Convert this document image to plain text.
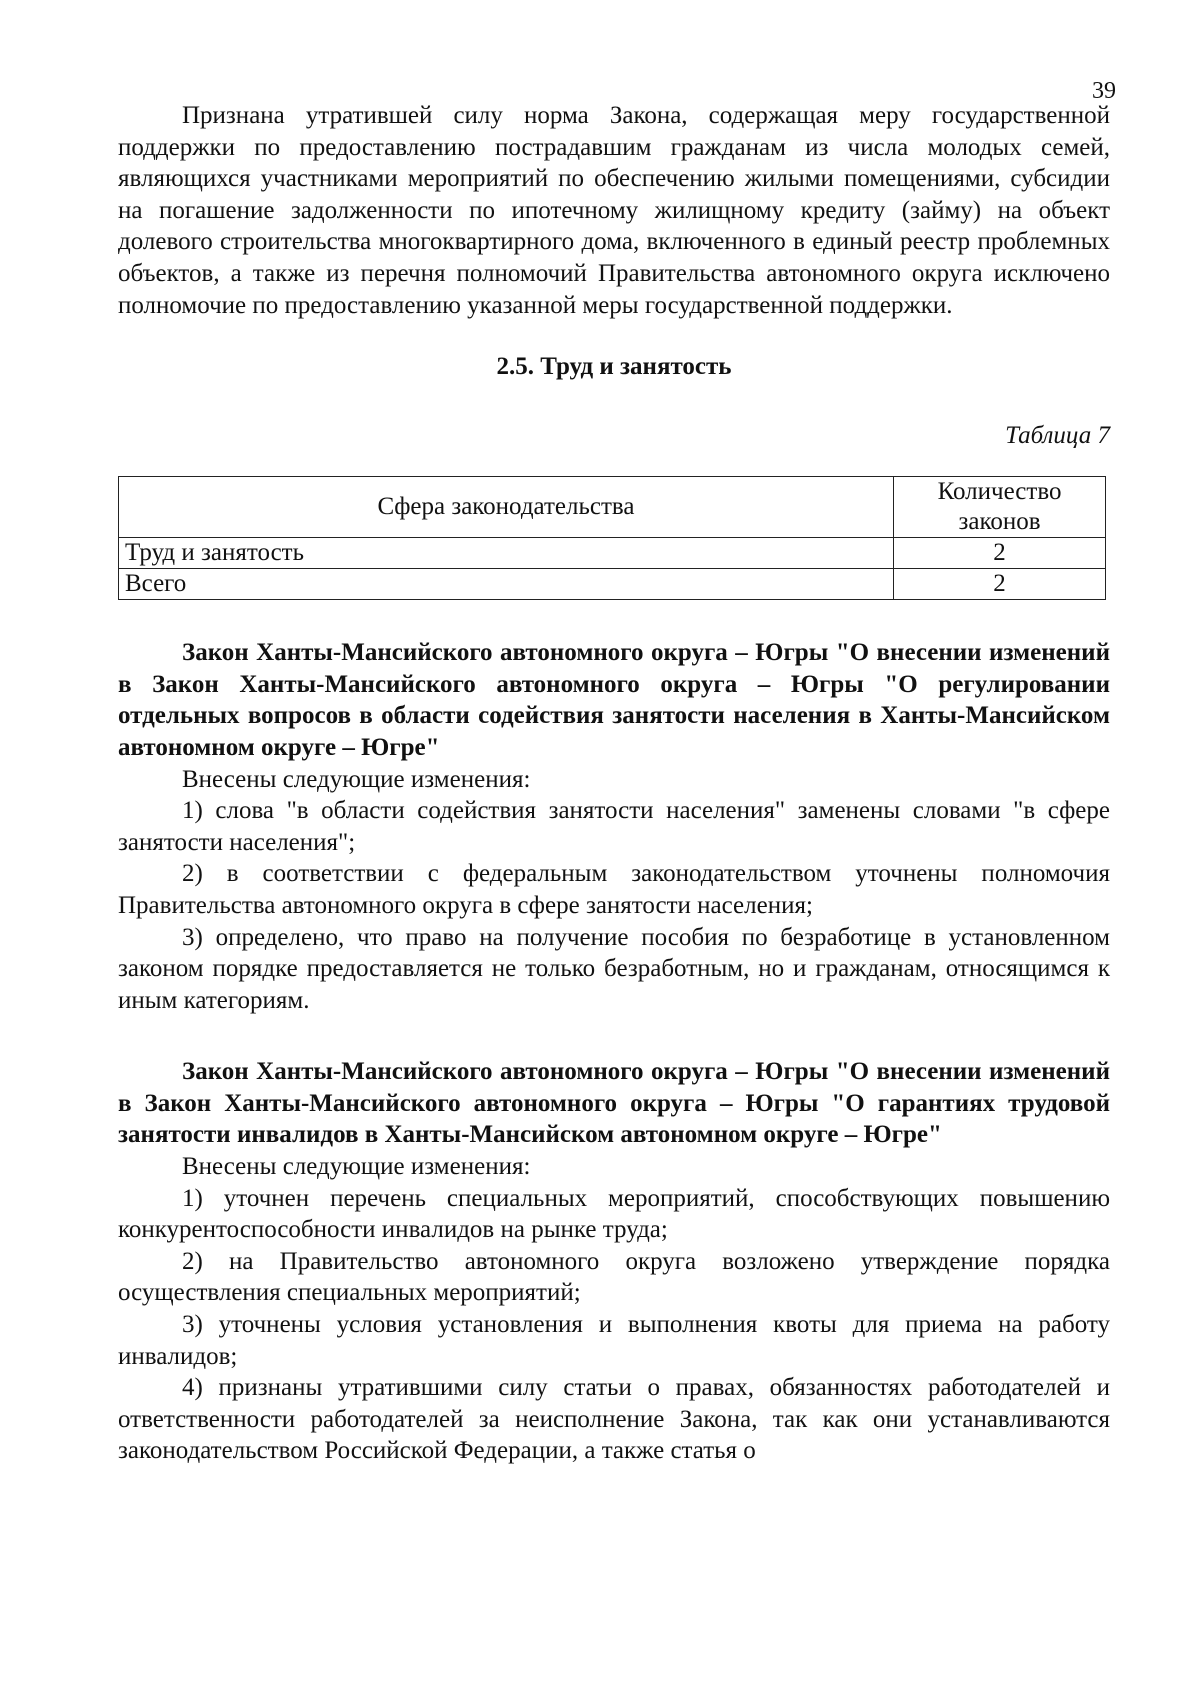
39

Признана утратившей силу норма Закона, содержащая меру государственной поддержки по предоставлению пострадавшим гражданам из числа молодых семей, являющихся участниками мероприятий по обеспечению жилыми помещениями, субсидии на погашение задолженности по ипотечному жилищному кредиту (займу) на объект долевого строительства многоквартирного дома, включенного в единый реестр проблемных объектов, а также из перечня полномочий Правительства автономного округа исключено полномочие по предоставлению указанной меры государственной поддержки.

2.5. Труд и занятость
Таблица 7
Сфера законодательства	Количество законов
Труд и занятость	2
Всего	2
Закон Ханты-Мансийского автономного округа – Югры "О внесении изменений в Закон Ханты-Мансийского автономного округа – Югры "О регулировании отдельных вопросов в области содействия занятости населения в Ханты-Мансийском автономном округе – Югре"

Внесены следующие изменения:

1) слова "в области содействия занятости населения" заменены словами "в сфере занятости населения";

2) в соответствии с федеральным законодательством уточнены полномочия Правительства автономного округа в сфере занятости населения;

3) определено, что право на получение пособия по безработице в установленном законом порядке предоставляется не только безработным, но и гражданам, относящимся к иным категориям.

Закон Ханты-Мансийского автономного округа – Югры "О внесении изменений в Закон Ханты-Мансийского автономного округа – Югры "О гарантиях трудовой занятости инвалидов в Ханты-Мансийском автономном округе – Югре"

Внесены следующие изменения:

1) уточнен перечень специальных мероприятий, способствующих повышению конкурентоспособности инвалидов на рынке труда;

2) на Правительство автономного округа возложено утверждение порядка осуществления специальных мероприятий;

3) уточнены условия установления и выполнения квоты для приема на работу инвалидов;

4) признаны утратившими силу статьи о правах, обязанностях работодателей и ответственности работодателей за неисполнение Закона, так как они устанавливаются законодательством Российской Федерации, а также статья о
